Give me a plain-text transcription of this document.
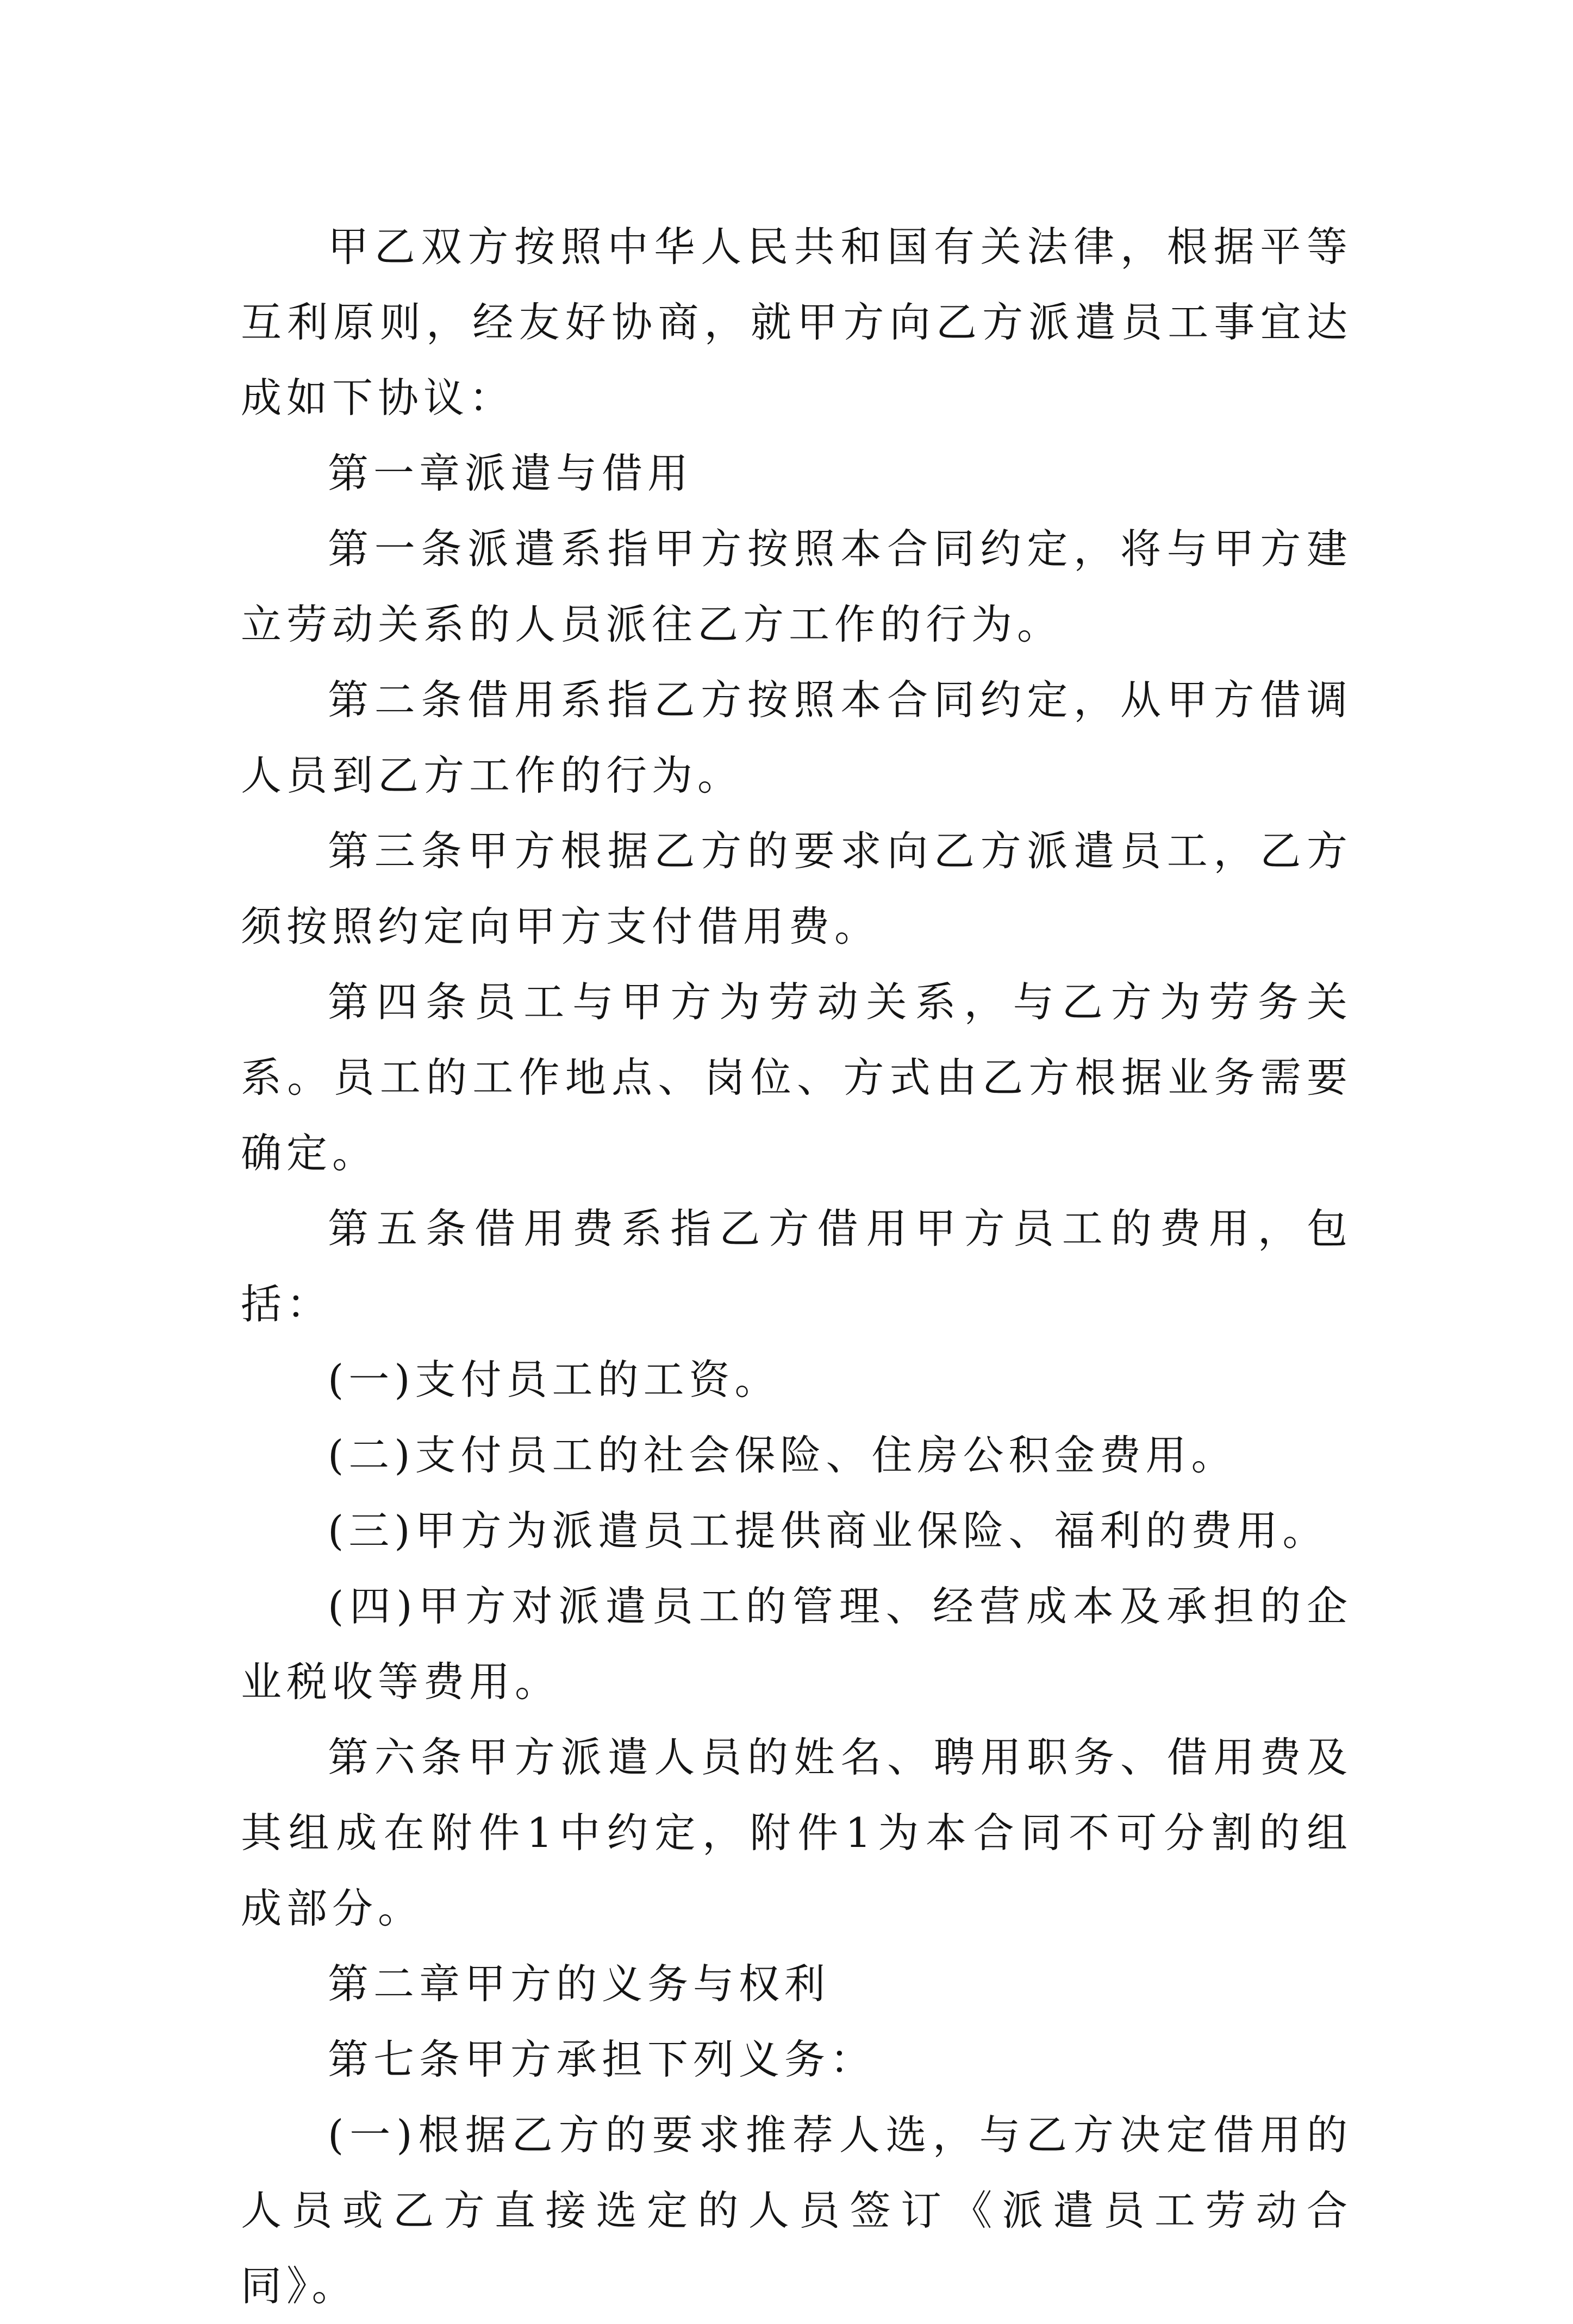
甲乙双方按照中华人民共和国有关法律，根据平等互利原则，经友好协商，就甲方向乙方派遣员工事宜达成如下协议：

第一章派遣与借用

第一条派遣系指甲方按照本合同约定，将与甲方建立劳动关系的人员派往乙方工作的行为。

第二条借用系指乙方按照本合同约定，从甲方借调人员到乙方工作的行为。

第三条甲方根据乙方的要求向乙方派遣员工，乙方须按照约定向甲方支付借用费。

第四条员工与甲方为劳动关系，与乙方为劳务关系。员工的工作地点、岗位、方式由乙方根据业务需要确定。

第五条借用费系指乙方借用甲方员工的费用，包括：

(一)支付员工的工资。

(二)支付员工的社会保险、住房公积金费用。

(三)甲方为派遣员工提供商业保险、福利的费用。

(四)甲方对派遣员工的管理、经营成本及承担的企业税收等费用。

第六条甲方派遣人员的姓名、聘用职务、借用费及其组成在附件1中约定，附件1为本合同不可分割的组成部分。

第二章甲方的义务与权利

第七条甲方承担下列义务：

(一)根据乙方的要求推荐人选，与乙方决定借用的人员或乙方直接选定的人员签订《派遣员工劳动合同》。
